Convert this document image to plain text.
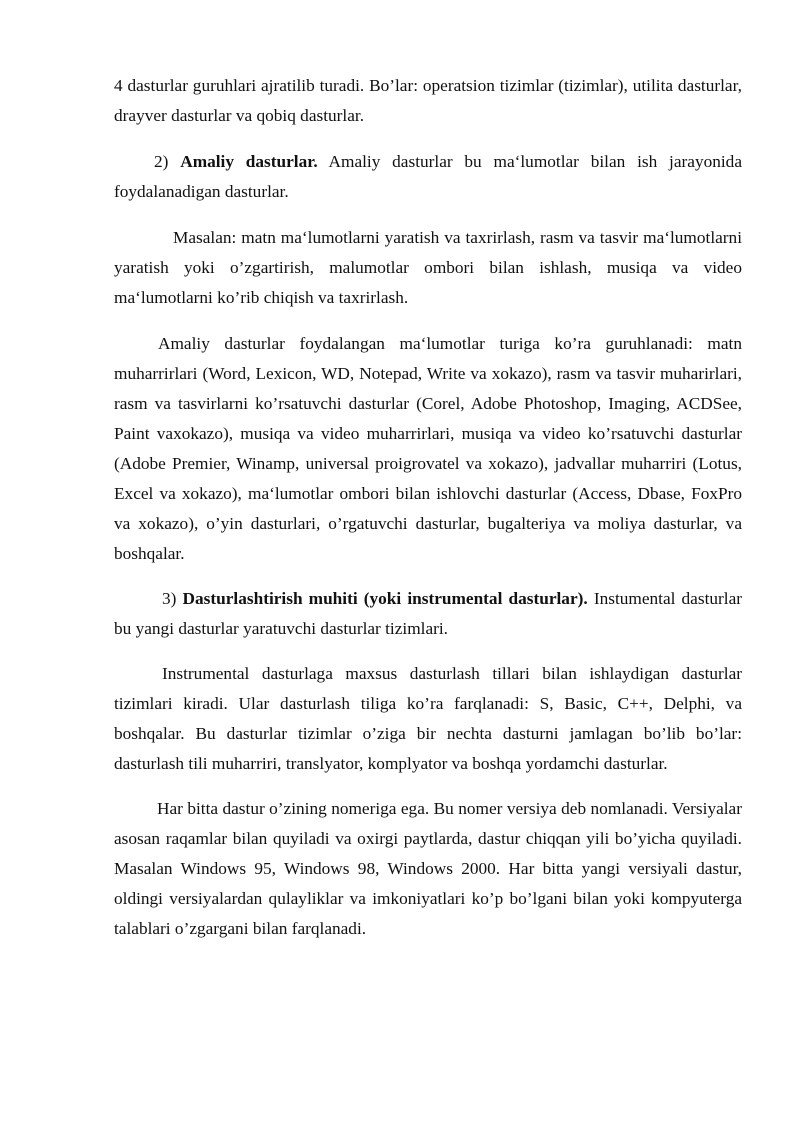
4 dasturlar guruhlari ajratilib turadi. Bo’lar: operatsion tizimlar (tizimlar), utilita dasturlar, drayver dasturlar va qobiq dasturlar.

2) Amaliy dasturlar. Amaliy dasturlar bu ma‘lumotlar bilan ish jarayonida foydalanadigan dasturlar.

Masalan: matn ma‘lumotlarni yaratish va taxrirlash, rasm va tasvir ma‘lumotlarni yaratish yoki o’zgartirish, malumotlar ombori bilan ishlash, musiqa va video ma‘lumotlarni ko’rib chiqish va taxrirlash.

Amaliy dasturlar foydalangan ma‘lumotlar turiga ko’ra guruhlanadi: matn muharrirlari (Word, Lexicon, WD, Notepad, Write va xokazo), rasm va tasvir muharirlari, rasm va tasvirlarni ko’rsatuvchi dasturlar (Corel, Adobe Photoshop, Imaging, ACDSee, Paint vaxokazo), musiqa va video muharrirlari, musiqa va video ko’rsatuvchi dasturlar (Adobe Premier, Winamp, universal proigrovatel va xokazo), jadvallar muharriri (Lotus, Excel va xokazo), ma‘lumotlar ombori bilan ishlovchi dasturlar (Access, Dbase, FoxPro va xokazo), o’yin dasturlari, o’rgatuvchi dasturlar, bugalteriya va moliya dasturlar, va boshqalar.

3) Dasturlashtirish muhiti (yoki instrumental dasturlar). Instumental dasturlar bu yangi dasturlar yaratuvchi dasturlar tizimlari.

Instrumental dasturlaga maxsus dasturlash tillari bilan ishlaydigan dasturlar tizimlari kiradi. Ular dasturlash tiliga ko’ra farqlanadi: S, Basic, C++, Delphi, va boshqalar. Bu dasturlar tizimlar o’ziga bir nechta dasturni jamlagan bo’lib bo’lar: dasturlash tili muharriri, translyator, komplyator va boshqa yordamchi dasturlar.

Har bitta dastur o’zining nomeriga ega. Bu nomer versiya deb nomlanadi. Versiyalar asosan raqamlar bilan quyiladi va oxirgi paytlarda, dastur chiqqan yili bo’yicha quyiladi. Masalan Windows 95, Windows 98, Windows 2000. Har bitta yangi versiyali dastur, oldingi versiyalardan qulayliklar va imkoniyatlari ko’p bo’lgani bilan yoki kompyuterga talablari o’zgargani bilan farqlanadi.
